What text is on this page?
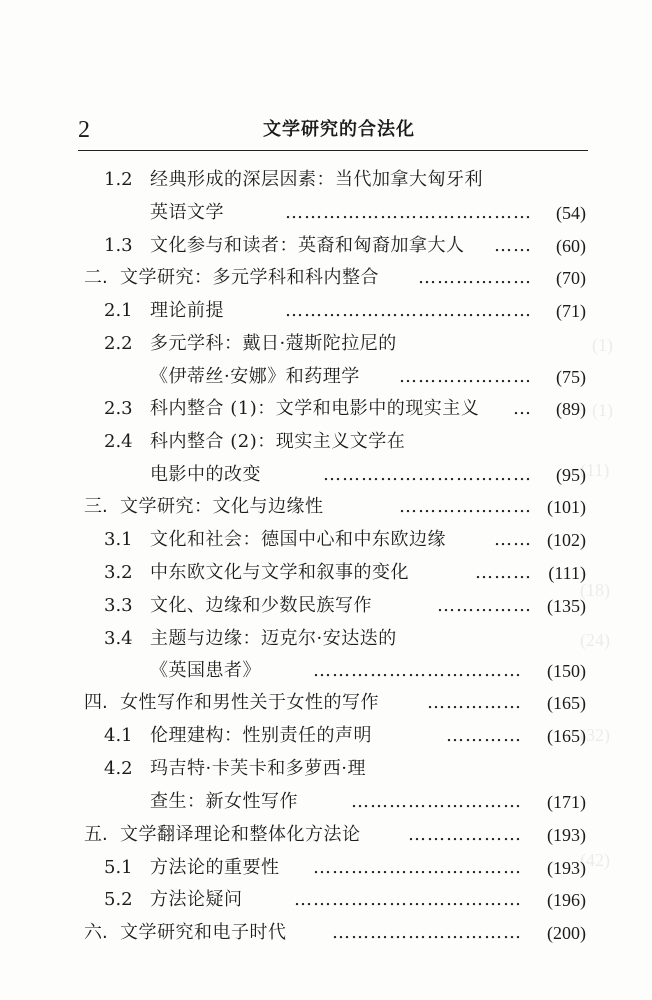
2	文学研究的合法化
(1)
(1)
(11)
(18)
(24)
(32)
(42)
1.2 经典形成的深层因素：当代加拿大匈牙利
英语文学	………………………………… (54)
1.3 文化参与和读者：英裔和匈裔加拿大人	…… (60)
二. 文学研究：多元学科和科内整合	……………… (70)
2.1 理论前提	………………………………… (71)
2.2 多元学科：戴日·蔻斯陀拉尼的
《伊蒂丝·安娜》和药理学	………………… (75)
2.3 科内整合 (1)：文学和电影中的现实主义 … (89)
2.4 科内整合 (2)：现实主义文学在
电影中的改变	…………………………… (95)
三. 文学研究：文化与边缘性	………………… (101)
3.1 文化和社会：德国中心和中东欧边缘	…… (102)
3.2 中东欧文化与文学和叙事的变化	……… (111)
3.3 文化、边缘和少数民族写作	…………… (135)
3.4 主题与边缘：迈克尔·安达迭的
《英国患者》	…………………………… (150)
四. 女性写作和男性关于女性的写作	…………… (165)
4.1 伦理建构：性别责任的声明	………… (165)
4.2 玛吉特·卡芙卡和多萝西·理
查生：新女性写作	……………………… (171)
五. 文学翻译理论和整体化方法论	……………… (193)
5.1 方法论的重要性	…………………………… (193)
5.2 方法论疑问	……………………………… (196)
六. 文学研究和电子时代	………………………… (200)
